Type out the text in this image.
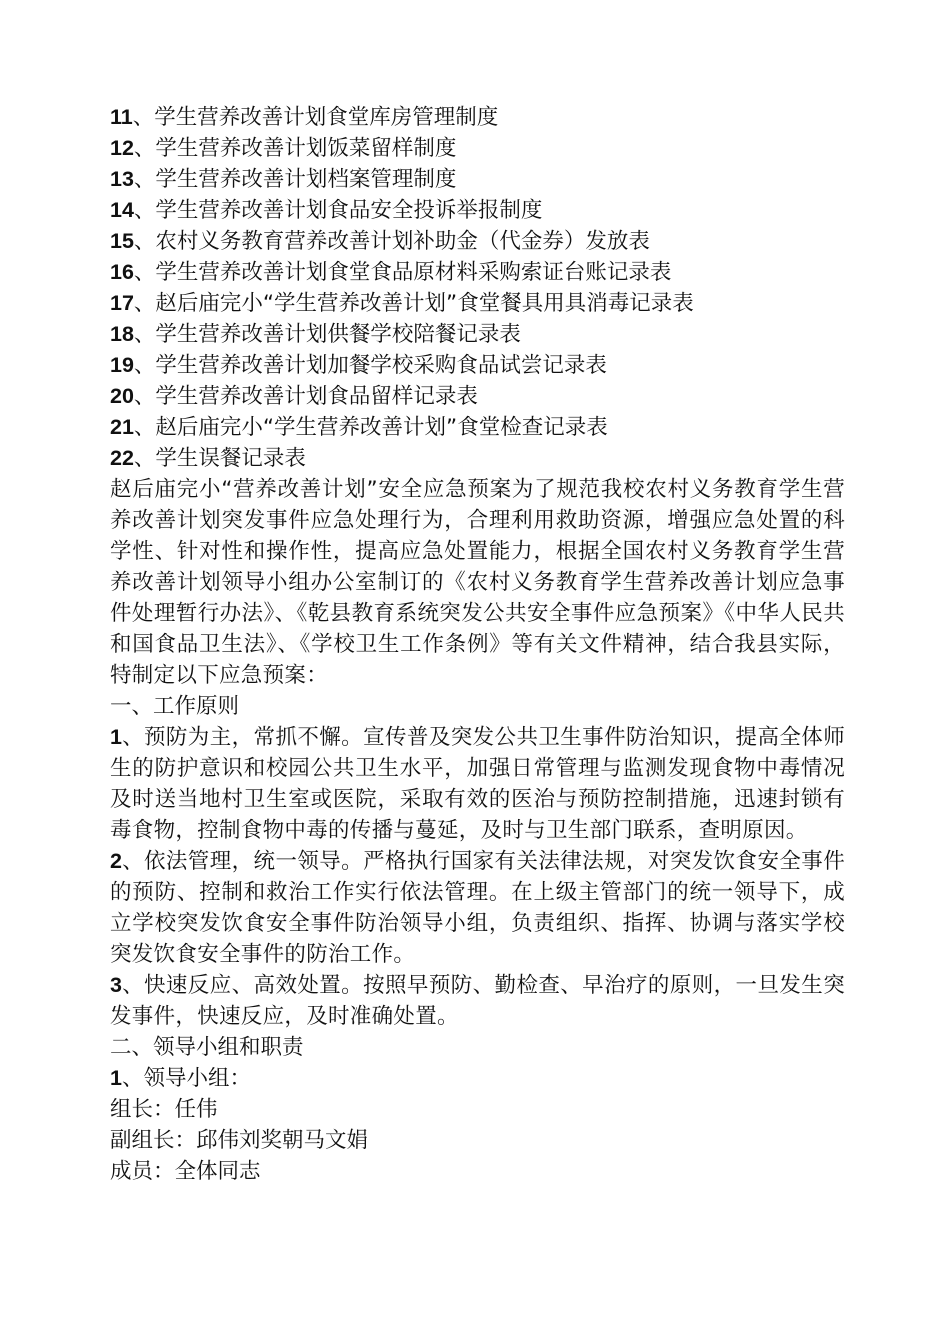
11、学生营养改善计划食堂库房管理制度

12、学生营养改善计划饭菜留样制度

13、学生营养改善计划档案管理制度

14、学生营养改善计划食品安全投诉举报制度

15、农村义务教育营养改善计划补助金（代金券）发放表

16、学生营养改善计划食堂食品原材料采购索证台账记录表

17、赵后庙完小“学生营养改善计划”食堂餐具用具消毒记录表

18、学生营养改善计划供餐学校陪餐记录表

19、学生营养改善计划加餐学校采购食品试尝记录表

20、学生营养改善计划食品留样记录表

21、赵后庙完小“学生营养改善计划”食堂检查记录表

22、学生误餐记录表

赵后庙完小“营养改善计划”安全应急预案为了规范我校农村义务教育学生营养改善计划突发事件应急处理行为，合理利用救助资源，增强应急处置的科学性、针对性和操作性，提高应急处置能力，根据全国农村义务教育学生营养改善计划领导小组办公室制订的《农村义务教育学生营养改善计划应急事件处理暂行办法》、《乾县教育系统突发公共安全事件应急预案》《中华人民共和国食品卫生法》、《学校卫生工作条例》等有关文件精神，结合我县实际，特制定以下应急预案：

一、工作原则

1、预防为主，常抓不懈。宣传普及突发公共卫生事件防治知识，提高全体师生的防护意识和校园公共卫生水平，加强日常管理与监测发现食物中毒情况及时送当地村卫生室或医院，采取有效的医治与预防控制措施，迅速封锁有毒食物，控制食物中毒的传播与蔓延，及时与卫生部门联系，查明原因。

2、依法管理，统一领导。严格执行国家有关法律法规，对突发饮食安全事件的预防、控制和救治工作实行依法管理。在上级主管部门的统一领导下，成立学校突发饮食安全事件防治领导小组，负责组织、指挥、协调与落实学校突发饮食安全事件的防治工作。

3、快速反应、高效处置。按照早预防、勤检查、早治疗的原则，一旦发生突发事件，快速反应，及时准确处置。

二、领导小组和职责

1、领导小组：

组长：任伟

副组长：邱伟刘奖朝马文娟

成员：全体同志
